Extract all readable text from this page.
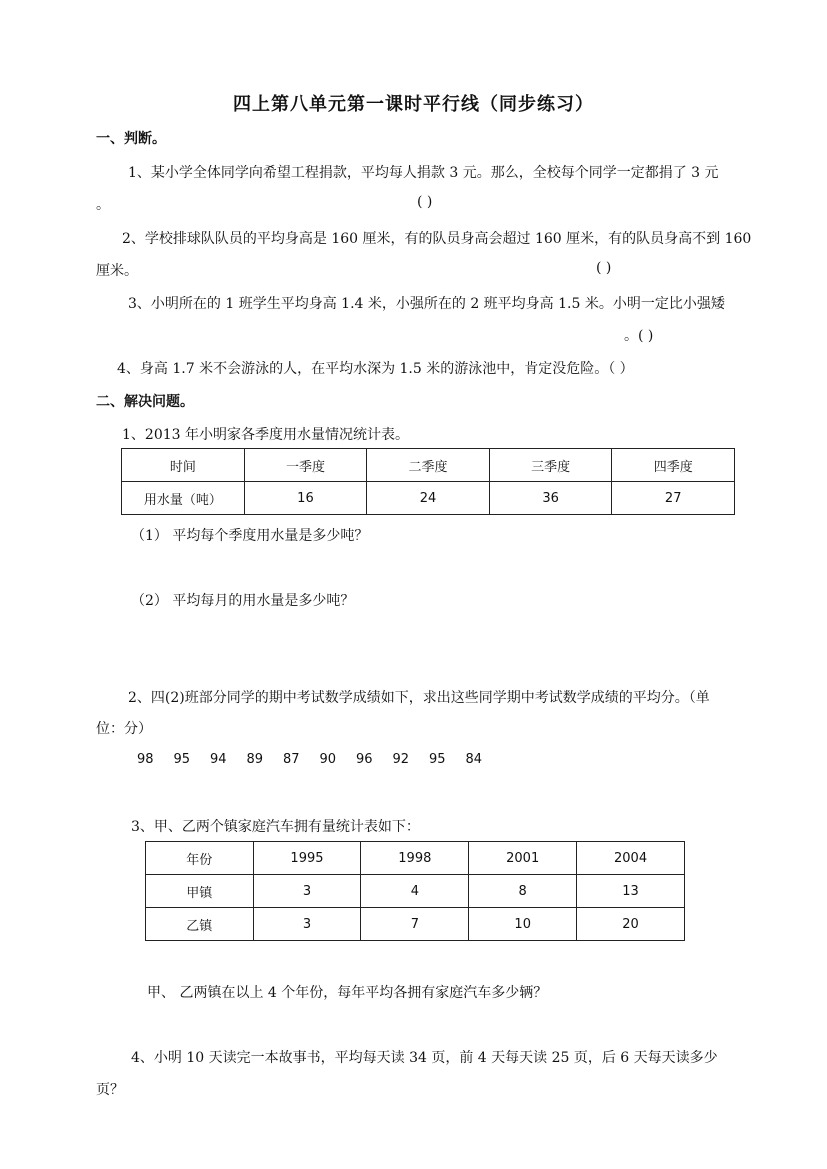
四上第八单元第一课时平行线（同步练习）
一、判断。
1、某小学全体同学向希望工程捐款，平均每人捐款 3 元。那么，全校每个同学一定都捐了 3 元
。	( )
2、学校排球队队员的平均身高是 160 厘米，有的队员身高会超过 160 厘米，有的队员身高不到 160
厘米。	( )
3、小明所在的 1 班学生平均身高 1.4 米，小强所在的 2 班平均身高 1.5 米。小明一定比小强矮
。( )
4、身高 1.7 米不会游泳的人，在平均水深为 1.5 米的游泳池中，肯定没危险。（ ）
二、解决问题。
1、2013 年小明家各季度用水量情况统计表。
时间	一季度	二季度	三季度	四季度
用水量（吨）	16	24	36	27
（1） 平均每个季度用水量是多少吨？
（2） 平均每月的用水量是多少吨？
2、四(2)班部分同学的期中考试数学成绩如下，求出这些同学期中考试数学成绩的平均分。（单
位：分）
98 95 94 89 87 90 96 92 95 84
3、甲、乙两个镇家庭汽车拥有量统计表如下：
年份	1995	1998	2001	2004
甲镇	3	4	8	13
乙镇	3	7	10	20
甲、 乙两镇在以上 4 个年份，每年平均各拥有家庭汽车多少辆？
4、小明 10 天读完一本故事书，平均每天读 34 页，前 4 天每天读 25 页，后 6 天每天读多少
页？
